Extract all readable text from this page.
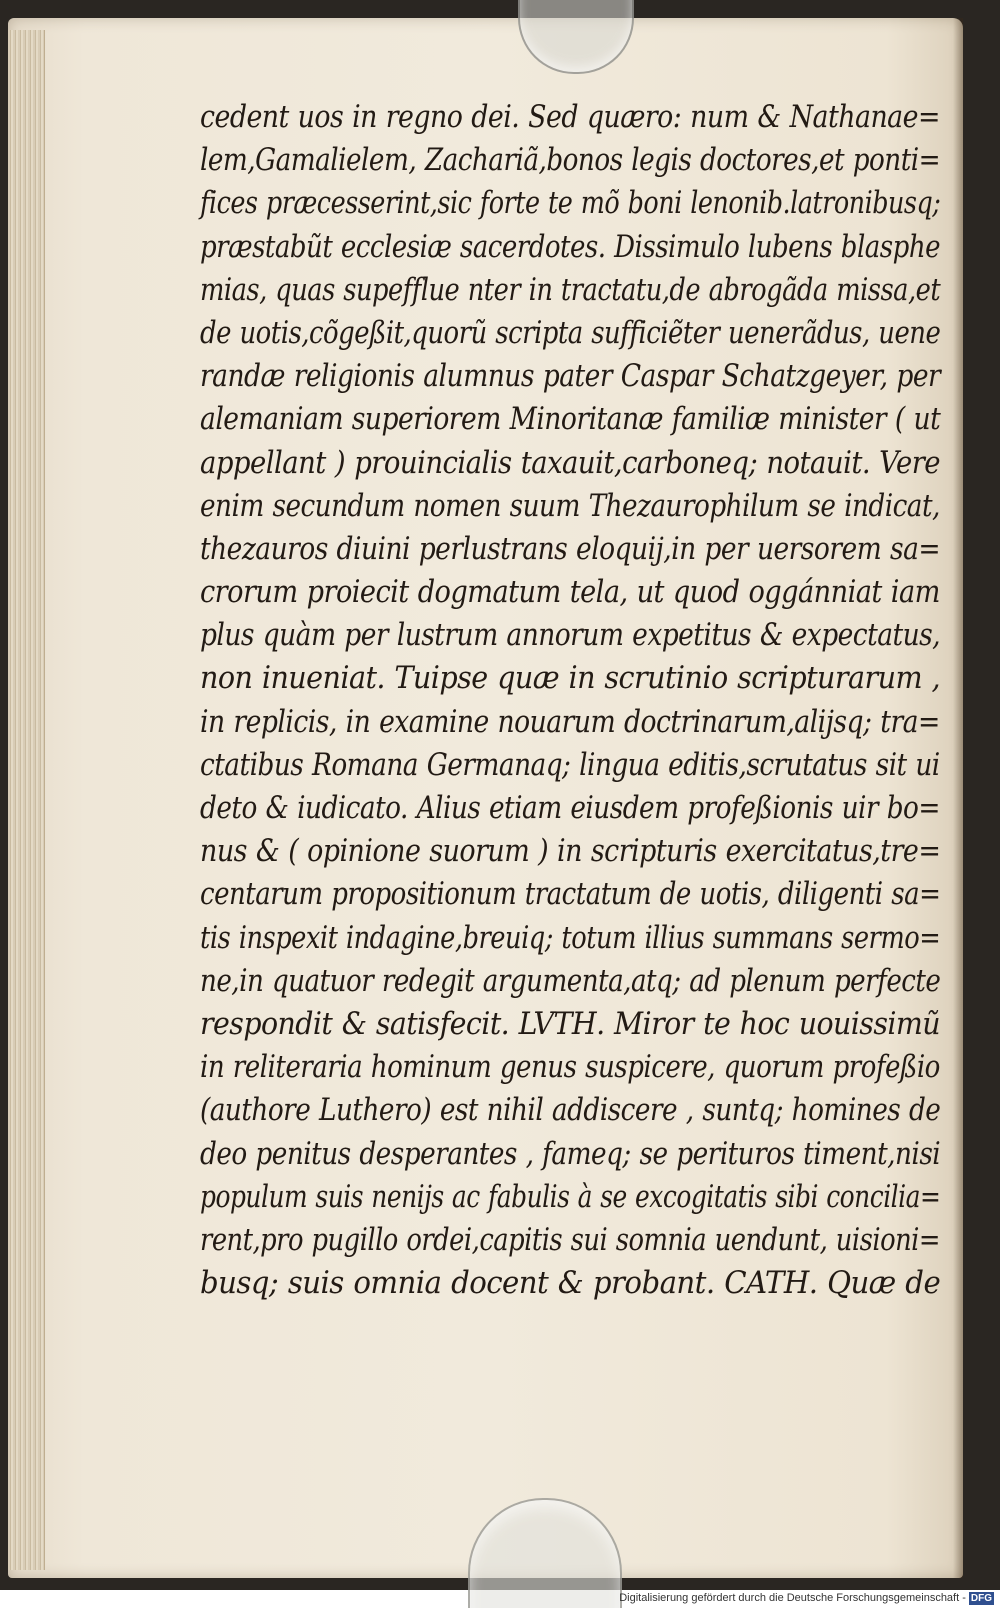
cedent uos in regno dei. Sed quæro: num & Nathanae=
lem,Gamalielem, Zachariã,bonos legis doctores,et ponti=
fices præcesserint,sic forte te mõ boni lenonib.latronibusq;
præstabũt ecclesiæ sacerdotes. Dissimulo lubens blasphe
mias, quas supefflue nter in tractatu,de abrogãda missa,et
de uotis,cõgeßit,quorũ scripta sufficiẽter uenerãdus, uene
randæ religionis alumnus pater Caspar Schatzgeyer, per
alemaniam superiorem Minoritanæ familiæ minister ( ut
appellant ) prouincialis taxauit,carboneq; notauit. Vere
enim secundum nomen suum Thezaurophilum se indicat,
thezauros diuini perlustrans eloquij,in per uersorem sa=
crorum proiecit dogmatum tela, ut quod oggánniat iam
plus quàm per lustrum annorum expetitus & expectatus,
non inueniat. Tuipse quæ in scrutinio scripturarum ,
in replicis, in examine nouarum doctrinarum,alijsq; tra=
ctatibus Romana Germanaq; lingua editis,scrutatus sit ui
deto & iudicato. Alius etiam eiusdem profeßionis uir bo=
nus & ( opinione suorum ) in scripturis exercitatus,tre=
centarum propositionum tractatum de uotis, diligenti sa=
tis inspexit indagine,breuiq; totum illius summans sermo=
ne,in quatuor redegit argumenta,atq; ad plenum perfecte
respondit & satisfecit. LVTH. Miror te hoc uouissimũ
in reliteraria hominum genus suspicere, quorum profeßio
(authore Luthero) est nihil addiscere , suntq; homines de
deo penitus desperantes , fameq; se perituros timent,nisi
populum suis nenijs ac fabulis à se excogitatis sibi concilia=
rent,pro pugillo ordei,capitis sui somnia uendunt, uisioni=
busq; suis omnia docent & probant. CATH. Quæ de
Digitalisierung gefördert durch die Deutsche Forschungsgemeinschaft - DFG
